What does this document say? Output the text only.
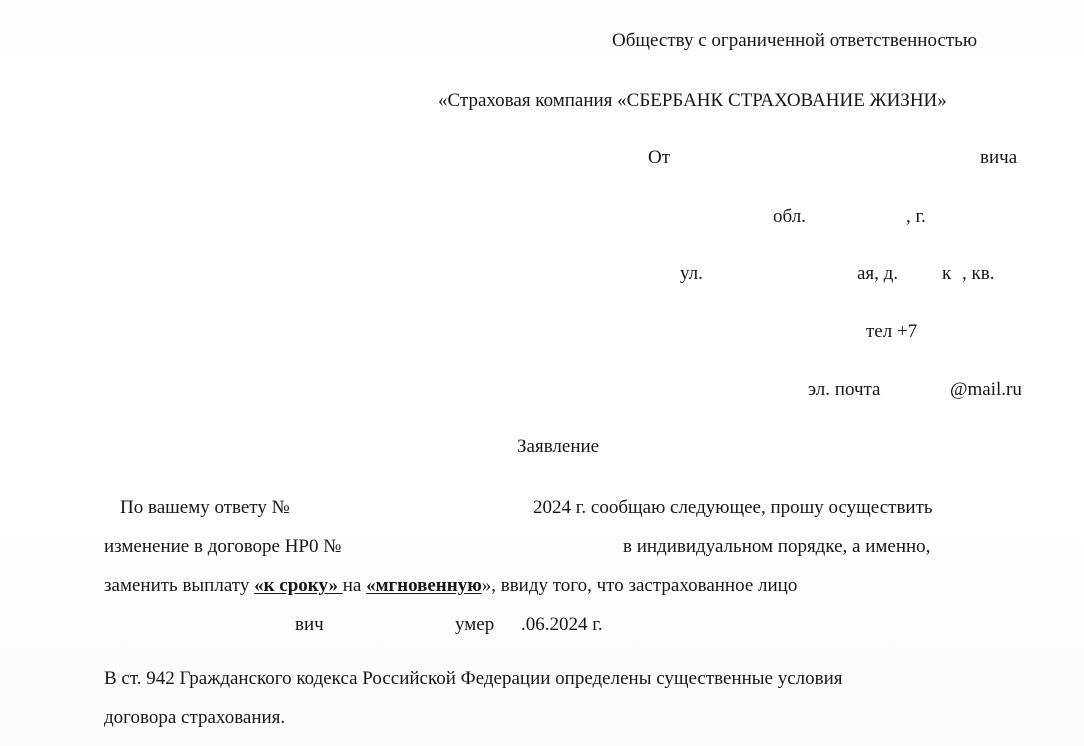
Обществу с ограниченной ответственностью
«Страховая компания «СБЕРБАНК СТРАХОВАНИЕ ЖИЗНИ»
От	вича
обл.	, г.
ул.	ая, д. к , кв.
тел +7
эл. почта	@mail.ru
Заявление
По вашему ответу №	2024 г. сообщаю следующее, прошу осуществить
изменение в договоре НР0 №	в индивидуальном порядке, а именно,
заменить выплату «к сроку» на «мгновенную», ввиду того, что застрахованное лицо
вич	умер .06.2024 г.
В ст. 942 Гражданского кодекса Российской Федерации определены существенные условия
договора страхования.
